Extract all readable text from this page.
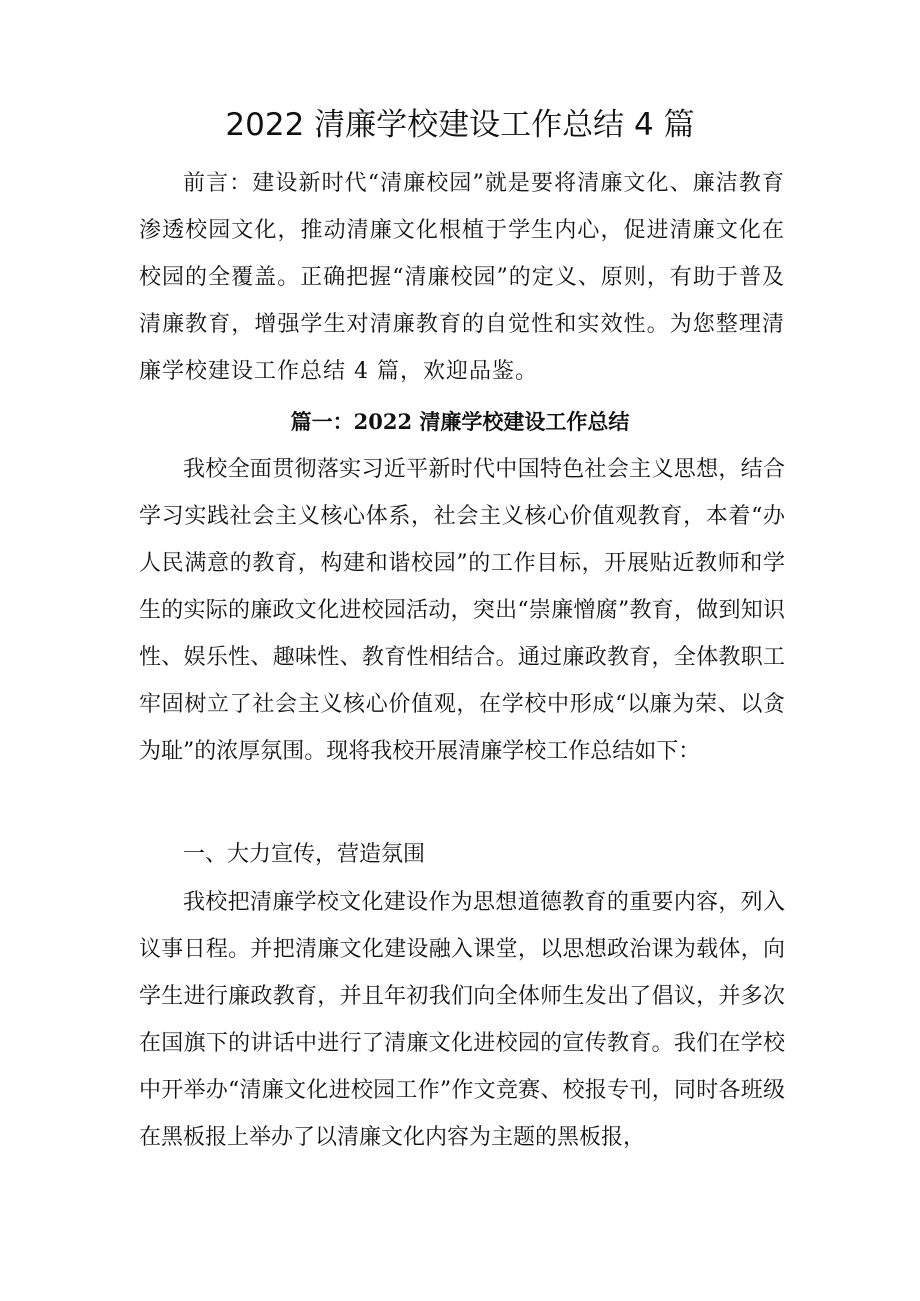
2022 清廉学校建设工作总结 4 篇

前言：建设新时代“清廉校园”就是要将清廉文化、廉洁教育渗透校园文化，推动清廉文化根植于学生内心，促进清廉文化在校园的全覆盖。正确把握“清廉校园”的定义、原则，有助于普及清廉教育，增强学生对清廉教育的自觉性和实效性。为您整理清廉学校建设工作总结 4 篇，欢迎品鉴。

篇一：2022 清廉学校建设工作总结

我校全面贯彻落实习近平新时代中国特色社会主义思想，结合学习实践社会主义核心体系，社会主义核心价值观教育，本着“办人民满意的教育，构建和谐校园”的工作目标，开展贴近教师和学生的实际的廉政文化进校园活动，突出“崇廉憎腐”教育，做到知识性、娱乐性、趣味性、教育性相结合。通过廉政教育，全体教职工牢固树立了社会主义核心价值观，在学校中形成“以廉为荣、以贪为耻”的浓厚氛围。现将我校开展清廉学校工作总结如下：

一、大力宣传，营造氛围

我校把清廉学校文化建设作为思想道德教育的重要内容，列入议事日程。并把清廉文化建设融入课堂，以思想政治课为载体，向学生进行廉政教育，并且年初我们向全体师生发出了倡议，并多次在国旗下的讲话中进行了清廉文化进校园的宣传教育。我们在学校中开举办“清廉文化进校园工作”作文竞赛、校报专刊，同时各班级在黑板报上举办了以清廉文化内容为主题的黑板报，
